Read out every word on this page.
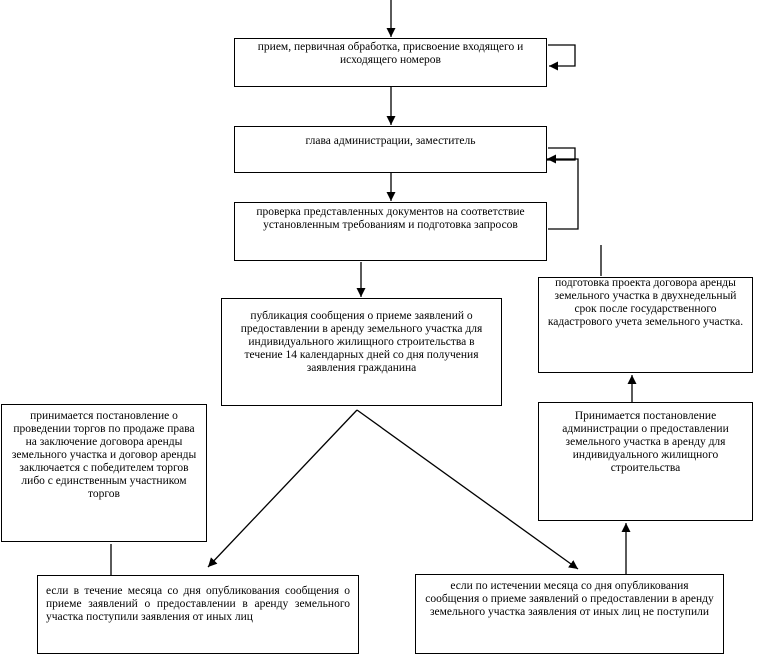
прием, первичная обработка, присвоение входящего и исходящего номеров
глава администрации, заместитель
проверка представленных документов на соответствие установленным требованиям и подготовка запросов
публикация сообщения о приеме заявлений о предоставлении в аренду земельного участка для индивидуального жилищного строительства в течение 14 календарных дней со дня получения заявления гражданина
принимается постановление о проведении торгов по продаже права на заключение договора аренды земельного участка и договор аренды заключается с победителем торгов либо с единственным участником торгов
если в течение месяца со дня опубликования сообщения о приеме заявлений о предоставлении в аренду земельного участка поступили заявления от иных лиц
если по истечении месяца со дня опубликования сообщения о приеме заявлений о предоставлении в аренду земельного участка заявления от иных лиц не поступили
подготовка проекта договора аренды земельного участка в двухнедельный срок после государственного кадастрового учета земельного участка.
Принимается постановление администрации о предоставлении земельного участка в аренду для индивидуального жилищного строительства
